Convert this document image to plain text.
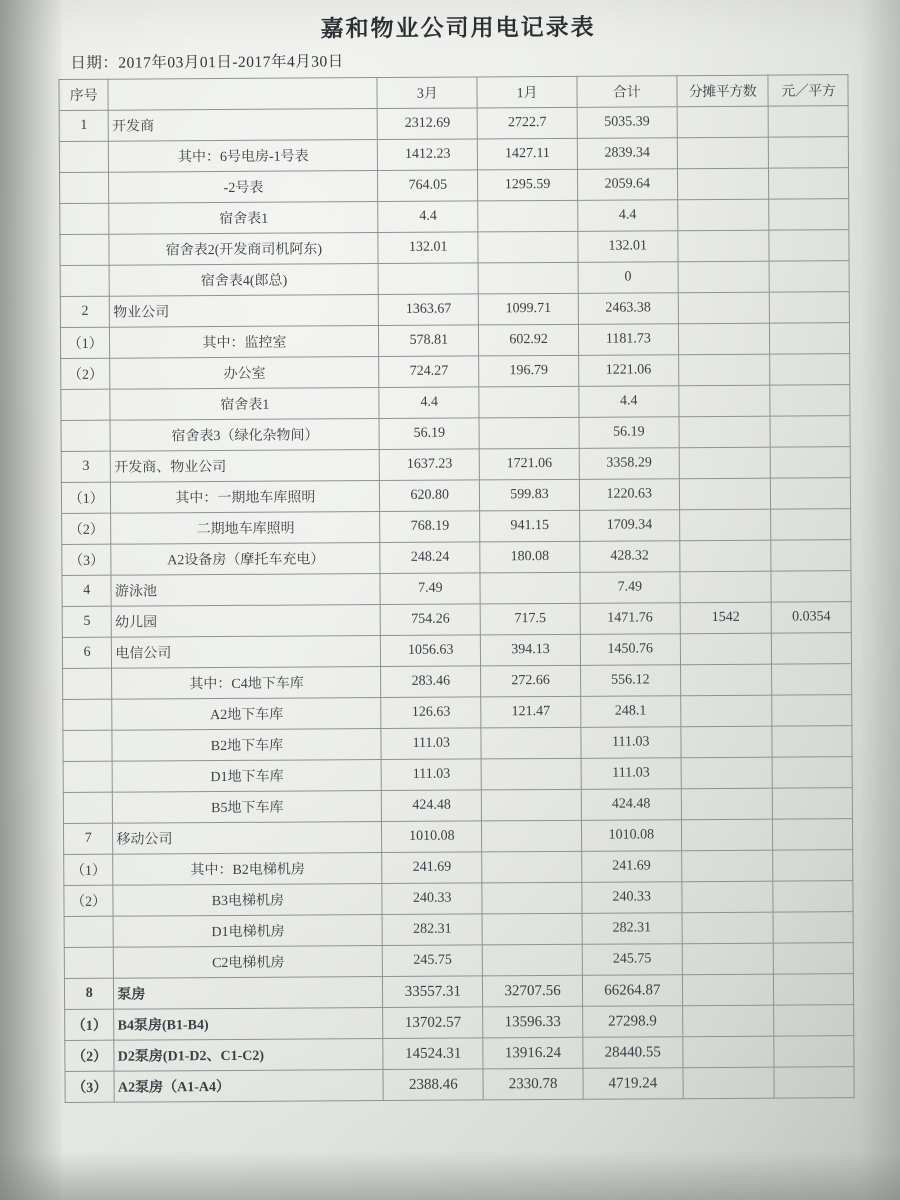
嘉和物业公司用电记录表
日期：2017年03月01日-2017年4月30日
序号		3月	1月	合计	分摊平方数	元／平方
1	开发商	2312.69	2722.7	5035.39		
	其中：6号电房-1号表	1412.23	1427.11	2839.34		
	-2号表	764.05	1295.59	2059.64		
	宿舍表1	4.4		4.4		
	宿舍表2(开发商司机阿东)	132.01		132.01		
	宿舍表4(郎总)			0		
2	物业公司	1363.67	1099.71	2463.38		
（1）	其中：监控室	578.81	602.92	1181.73		
（2）	办公室	724.27	196.79	1221.06		
	宿舍表1	4.4		4.4		
	宿舍表3（绿化杂物间）	56.19		56.19		
3	开发商、物业公司	1637.23	1721.06	3358.29		
（1）	其中：一期地车库照明	620.80	599.83	1220.63		
（2）	二期地车库照明	768.19	941.15	1709.34		
（3）	A2设备房（摩托车充电）	248.24	180.08	428.32		
4	游泳池	7.49		7.49		
5	幼儿园	754.26	717.5	1471.76	1542	0.0354
6	电信公司	1056.63	394.13	1450.76		
	其中：C4地下车库	283.46	272.66	556.12		
	A2地下车库	126.63	121.47	248.1		
	B2地下车库	111.03		111.03		
	D1地下车库	111.03		111.03		
	B5地下车库	424.48		424.48		
7	移动公司	1010.08		1010.08		
（1）	其中：B2电梯机房	241.69		241.69		
（2）	B3电梯机房	240.33		240.33		
	D1电梯机房	282.31		282.31		
	C2电梯机房	245.75		245.75		
8	泵房	33557.31	32707.56	66264.87		
（1）	B4泵房(B1-B4)	13702.57	13596.33	27298.9		
（2）	D2泵房(D1-D2、C1-C2)	14524.31	13916.24	28440.55		
（3）	A2泵房（A1-A4）	2388.46	2330.78	4719.24		
